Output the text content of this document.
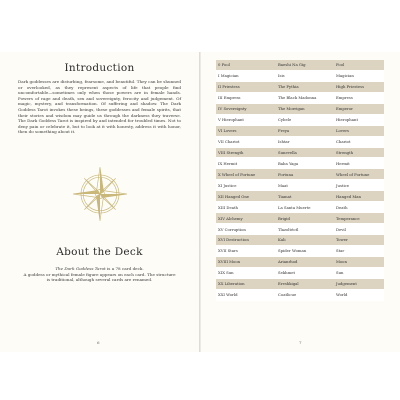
Introduction

Dark goddesses are disturbing, fearsome, and beautiful. They can be shunned or overlooked, as they represent aspects of life that people find uncomfortable—sometimes only when those powers are in female hands. Powers of rage and death, sex and sovereignty, ferocity and judgement. Of magic, mystery, and transformation. Of suffering and shadow. The Dark Goddess Tarot invokes these beings, these goddesses and female spirits, that their stories and wisdom may guide us through the darkness they traverse. The Dark Goddess Tarot is inspired by and intended for troubled times. Not to deny pain or celebrate it, but to look at it with honesty, address it with honor, then do something about it.

About the Deck

The Dark Goddess Tarot is a 78 card deck.

A goddess or mythical female figure appears on each card. The structure

is traditional, although several cards are renamed.

6
0 Fool	Baeshi Na Gig	Fool
I Magician	Isis	Magician
II Priestess	The Pythia	High Priestess
III Empress	The Black Madonna	Empress
IV Sovereignty	The Morrigan	Emperor
V Hierophant	Cybele	Hierophant
VI Lovers	Freya	Lovers
VII Chariot	Ishtar	Chariot
VIII Strength	Sunevella	Strength
IX Hermit	Baba Yaga	Hermit
X Wheel of Fortune	Fortuna	Wheel of Fortune
XI Justice	Maat	Justice
XII Hanged One	Tiamat	Hanged Man
XIII Death	La Santa Muerte	Death
XIV Alchemy	Brigid	Temperance
XV Corruption	Tlazoltéotl	Devil
XVI Destruction	Kali	Tower
XVII Stars	Spider Woman	Star
XVIII Moon	Arianrhod	Moon
XIX Sun	Sekhmet	Sun
XX Liberation	Ereshkigal	Judgement
XXI World	Coatlicue	World
7
